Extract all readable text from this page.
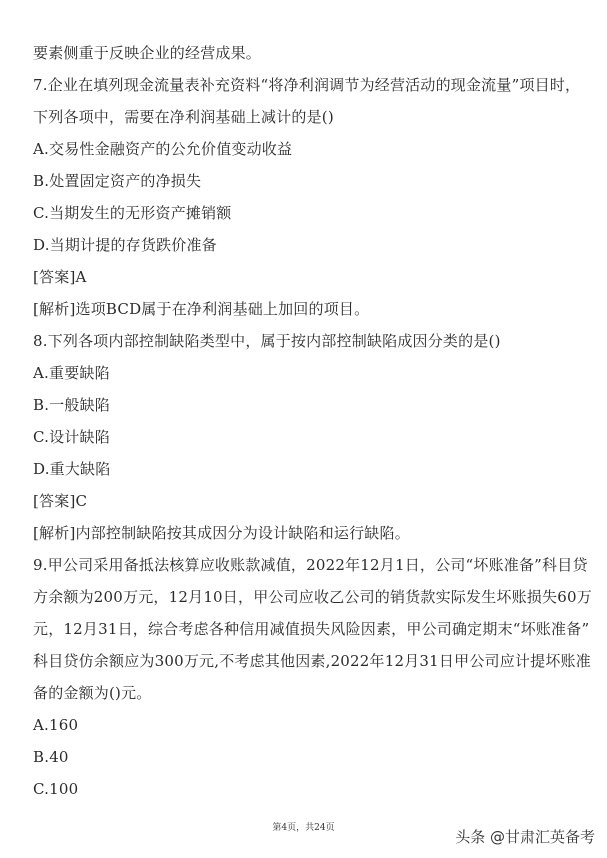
要素侧重于反映企业的经营成果。
7.企业在填列现金流量表补充资料“将净利润调节为经营活动的现金流量”项目时，
下列各项中，需要在净利润基础上减计的是()
A.交易性金融资产的公允价值变动收益
B.处置固定资产的净损失
C.当期发生的无形资产摊销额
D.当期计提的存货跌价准备
[答案]A
[解析]选项BCD属于在净利润基础上加回的项目。
8.下列各项内部控制缺陷类型中，属于按内部控制缺陷成因分类的是()
A.重要缺陷
B.一般缺陷
C.设计缺陷
D.重大缺陷
[答案]C
[解析]内部控制缺陷按其成因分为设计缺陷和运行缺陷。
9.甲公司采用备抵法核算应收账款减值，2022年12月1日，公司“坏账准备”科目贷
方余额为200万元，12月10日，甲公司应收乙公司的销货款实际发生坏账损失60万
元，12月31日，综合考虑各种信用减值损失风险因素，甲公司确定期末“坏账准备”
科目贷仿余额应为300万元,不考虑其他因素,2022年12月31日甲公司应计提坏账准
备的金额为()元。
A.160
B.40
C.100
第4页，共24页	头条 @甘肃汇英备考
